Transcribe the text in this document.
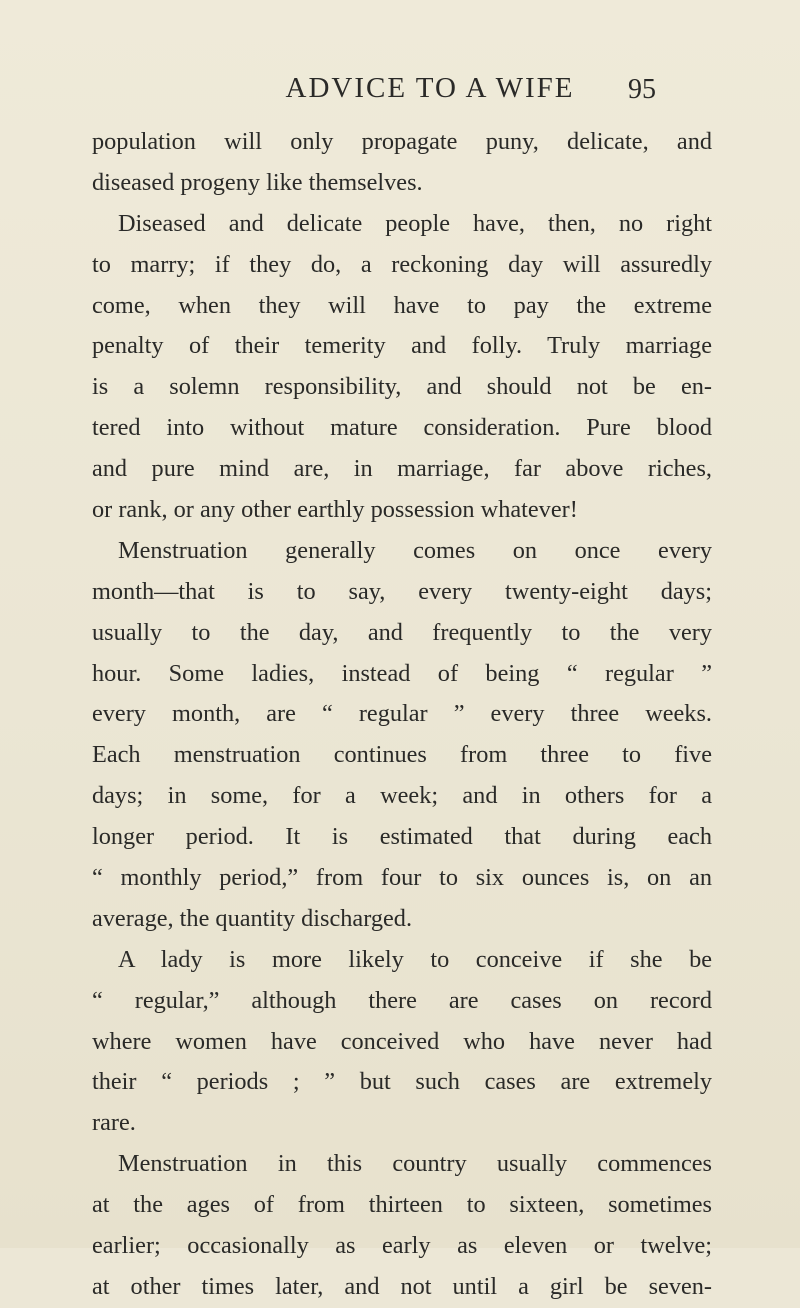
ADVICE TO A WIFE	95
population will only propagate puny, delicate, and
diseased progeny like themselves.
Diseased and delicate people have, then, no right
to marry; if they do, a reckoning day will assuredly
come, when they will have to pay the extreme
penalty of their temerity and folly. Truly marriage
is a solemn responsibility, and should not be en-
tered into without mature consideration. Pure blood
and pure mind are, in marriage, far above riches,
or rank, or any other earthly possession whatever!
Menstruation generally comes on once every
month—that is to say, every twenty-eight days;
usually to the day, and frequently to the very
hour. Some ladies, instead of being “ regular ”
every month, are “ regular ” every three weeks.
Each menstruation continues from three to five
days; in some, for a week; and in others for a
longer period. It is estimated that during each
“ monthly period,” from four to six ounces is, on an
average, the quantity discharged.
A lady is more likely to conceive if she be
“ regular,” although there are cases on record
where women have conceived who have never had
their “ periods ; ” but such cases are extremely
rare.
Menstruation in this country usually commences
at the ages of from thirteen to sixteen, sometimes
earlier; occasionally as early as eleven or twelve;
at other times later, and not until a girl be seven-
